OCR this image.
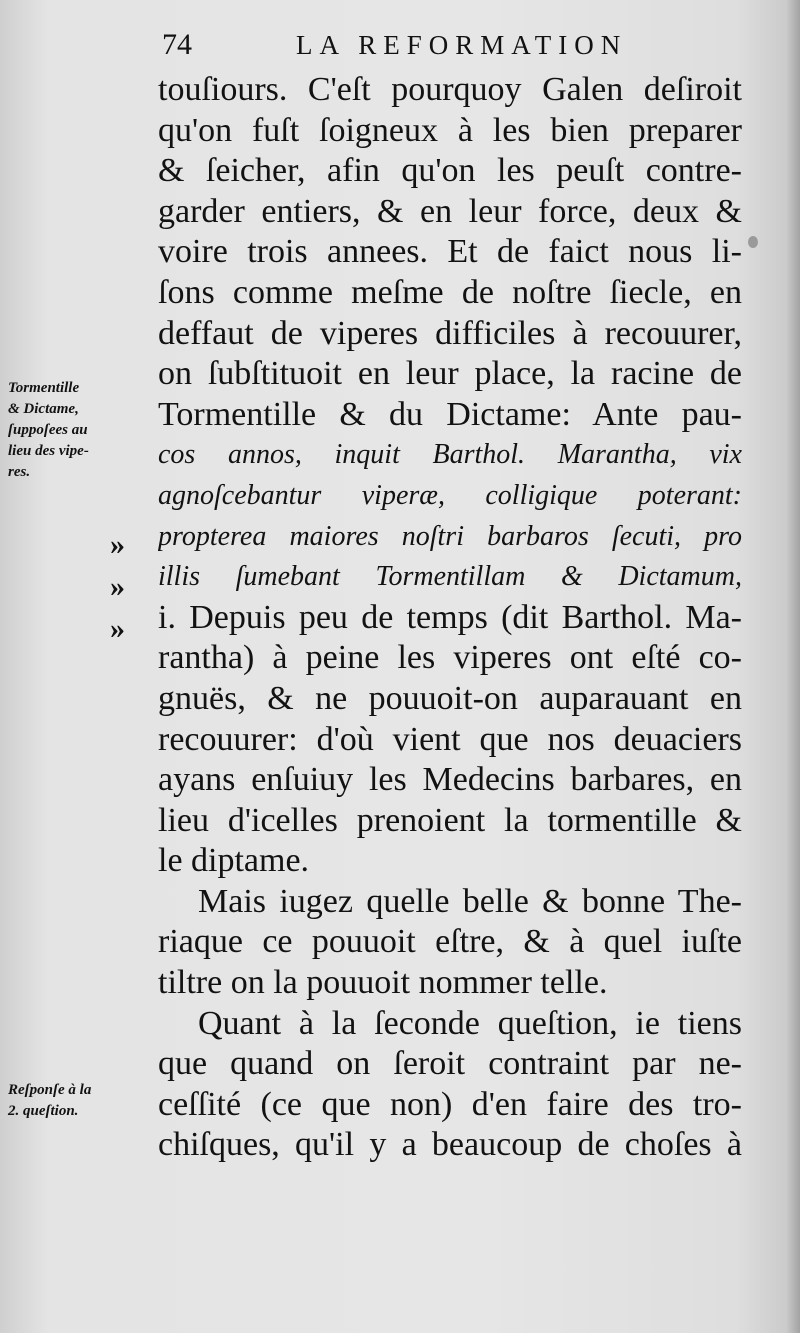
74	LA REFORMATION
Tormentille
& Dictame,
ſuppoſees au
lieu des vipe-
res.
Reſponſe à la
2. queſtion.
»
»
»
touſiours. C'eſt pourquoy Galen deſiroit
qu'on fuſt ſoigneux à les bien preparer
& ſeicher, afin qu'on les peuſt contre-
garder entiers, & en leur force, deux &
voire trois annees. Et de faict nous li-
ſons comme meſme de noſtre ſiecle, en
deffaut de viperes difficiles à recouurer,
on ſubſtituoit en leur place, la racine de
Tormentille & du Dictame: Ante pau-
cos annos, inquit Barthol. Marantha, vix
agnoſcebantur viperæ, colligique poterant:
propterea maiores noſtri barbaros ſecuti, pro
illis ſumebant Tormentillam & Dictamum,
i. Depuis peu de temps (dit Barthol. Ma-
rantha) à peine les viperes ont eſté co-
gnuës, & ne pouuoit-on auparauant en
recouurer: d'où vient que nos deuaciers
ayans enſuiuy les Medecins barbares, en
lieu d'icelles prenoient la tormentille &
le diptame.
Mais iugez quelle belle & bonne The-
riaque ce pouuoit eſtre, & à quel iuſte
tiltre on la pouuoit nommer telle.
Quant à la ſeconde queſtion, ie tiens
que quand on ſeroit contraint par ne-
ceſſité (ce que non) d'en faire des tro-
chiſques, qu'il y a beaucoup de choſes à
